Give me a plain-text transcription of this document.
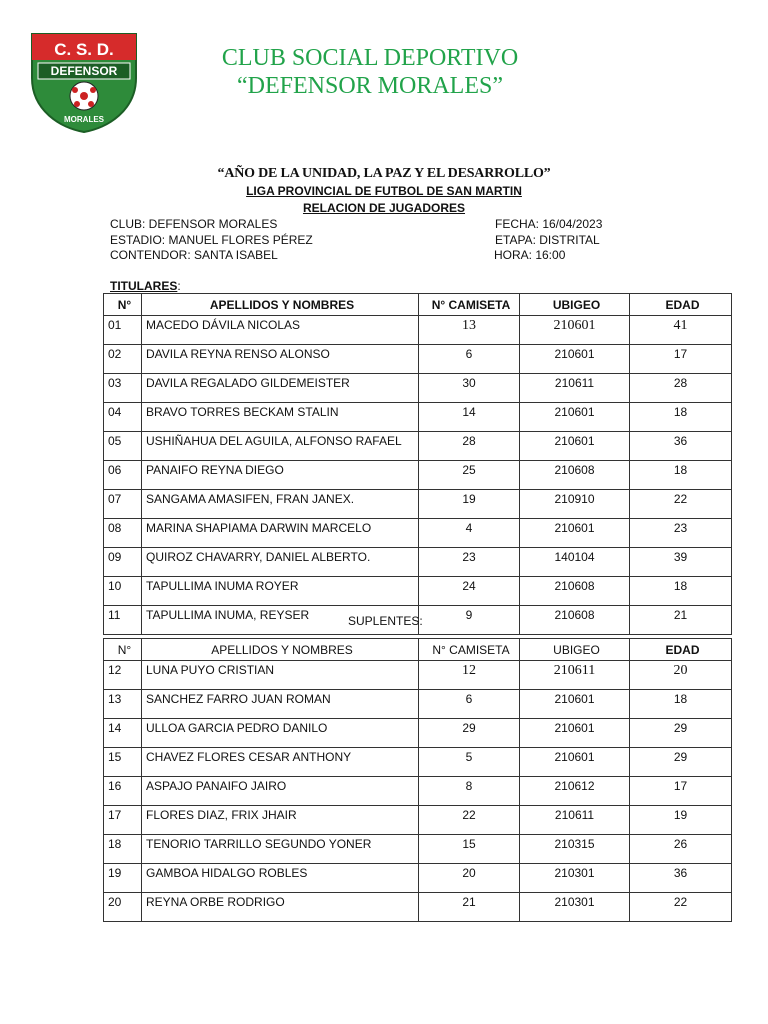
C. S. D.
DEFENSOR
MORALES
CLUB SOCIAL DEPORTIVO
“DEFENSOR MORALES”
“AÑO DE LA UNIDAD, LA PAZ Y EL DESARROLLO”
LIGA PROVINCIAL DE FUTBOL DE SAN MARTIN
RELACION DE JUGADORES
CLUB: DEFENSOR MORALES
ESTADIO: MANUEL FLORES PÉREZ
CONTENDOR: SANTA ISABEL
FECHA: 16/04/2023
ETAPA: DISTRITAL
HORA: 16:00
TITULARES:
N°	APELLIDOS Y NOMBRES	N° CAMISETA	UBIGEO	EDAD
01	MACEDO DÁVILA NICOLAS	13	210601	41
02	DAVILA REYNA RENSO ALONSO	6	210601	17
03	DAVILA REGALADO GILDEMEISTER	30	210611	28
04	BRAVO TORRES BECKAM STALIN	14	210601	18
05	USHIÑAHUA DEL AGUILA, ALFONSO RAFAEL	28	210601	36
06	PANAIFO REYNA DIEGO	25	210608	18
07	SANGAMA AMASIFEN, FRAN JANEX.	19	210910	22
08	MARINA SHAPIAMA DARWIN MARCELO	4	210601	23
09	QUIROZ CHAVARRY, DANIEL ALBERTO.	23	140104	39
10	TAPULLIMA INUMA ROYER	24	210608	18
11	TAPULLIMA INUMA, REYSER	9	210608	21
SUPLENTES:
N°	APELLIDOS Y NOMBRES	N° CAMISETA	UBIGEO	EDAD
12	LUNA PUYO CRISTIAN	12	210611	20
13	SANCHEZ FARRO JUAN ROMAN	6	210601	18
14	ULLOA GARCIA PEDRO DANILO	29	210601	29
15	CHAVEZ FLORES CESAR ANTHONY	5	210601	29
16	ASPAJO PANAIFO JAIRO	8	210612	17
17	FLORES DIAZ, FRIX JHAIR	22	210611	19
18	TENORIO TARRILLO SEGUNDO YONER	15	210315	26
19	GAMBOA HIDALGO ROBLES	20	210301	36
20	REYNA ORBE RODRIGO	21	210301	22
